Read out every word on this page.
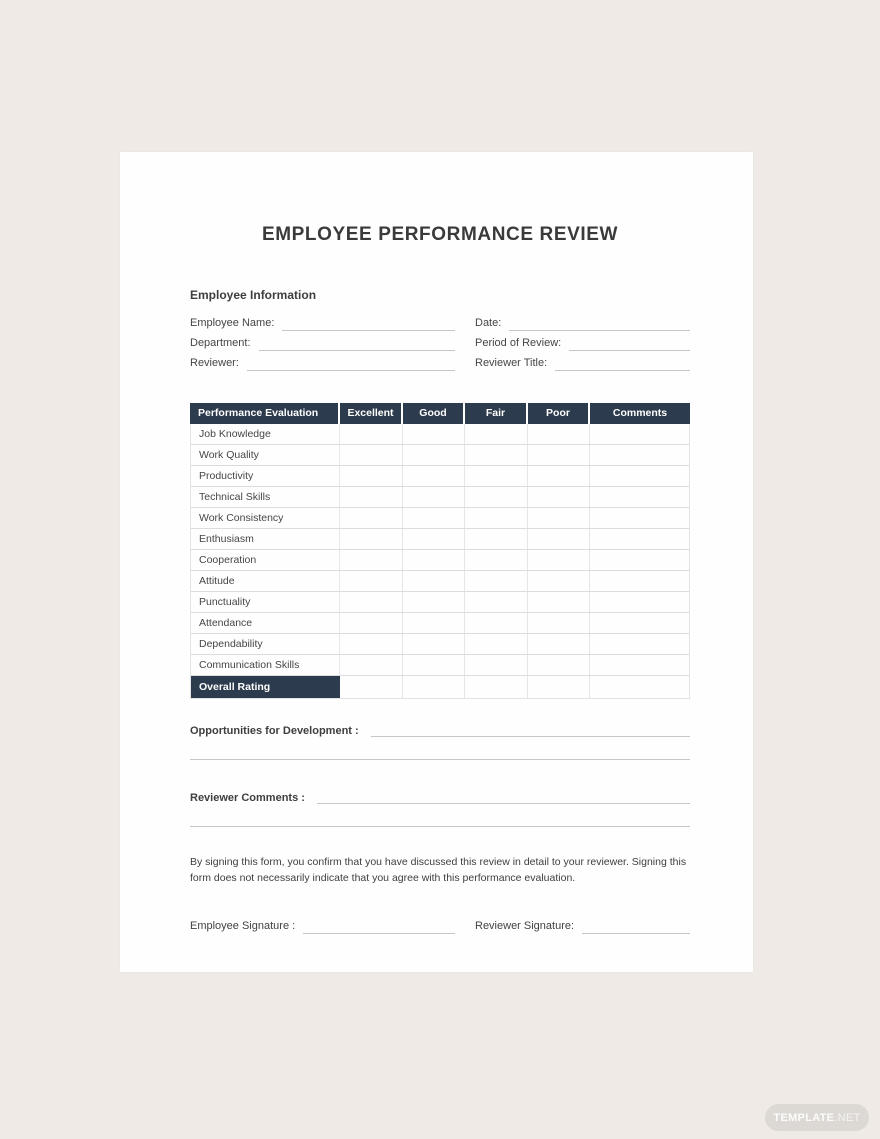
EMPLOYEE PERFORMANCE REVIEW
Employee Information
Employee Name:	Date:
Department:	Period of Review:
Reviewer:	Reviewer Title:
Performance Evaluation	Excellent	Good	Fair	Poor	Comments
Job Knowledge
Work Quality
Productivity
Technical Skills
Work Consistency
Enthusiasm
Cooperation
Attitude
Punctuality
Attendance
Dependability
Communication Skills
Overall Rating
Opportunities for Development :
Reviewer Comments :

By signing this form, you confirm that you have discussed this review in detail to your reviewer. Signing this form does not necessarily indicate that you agree with this performance evaluation.

Employee Signature :	Reviewer Signature:
TEMPLATE .NET
